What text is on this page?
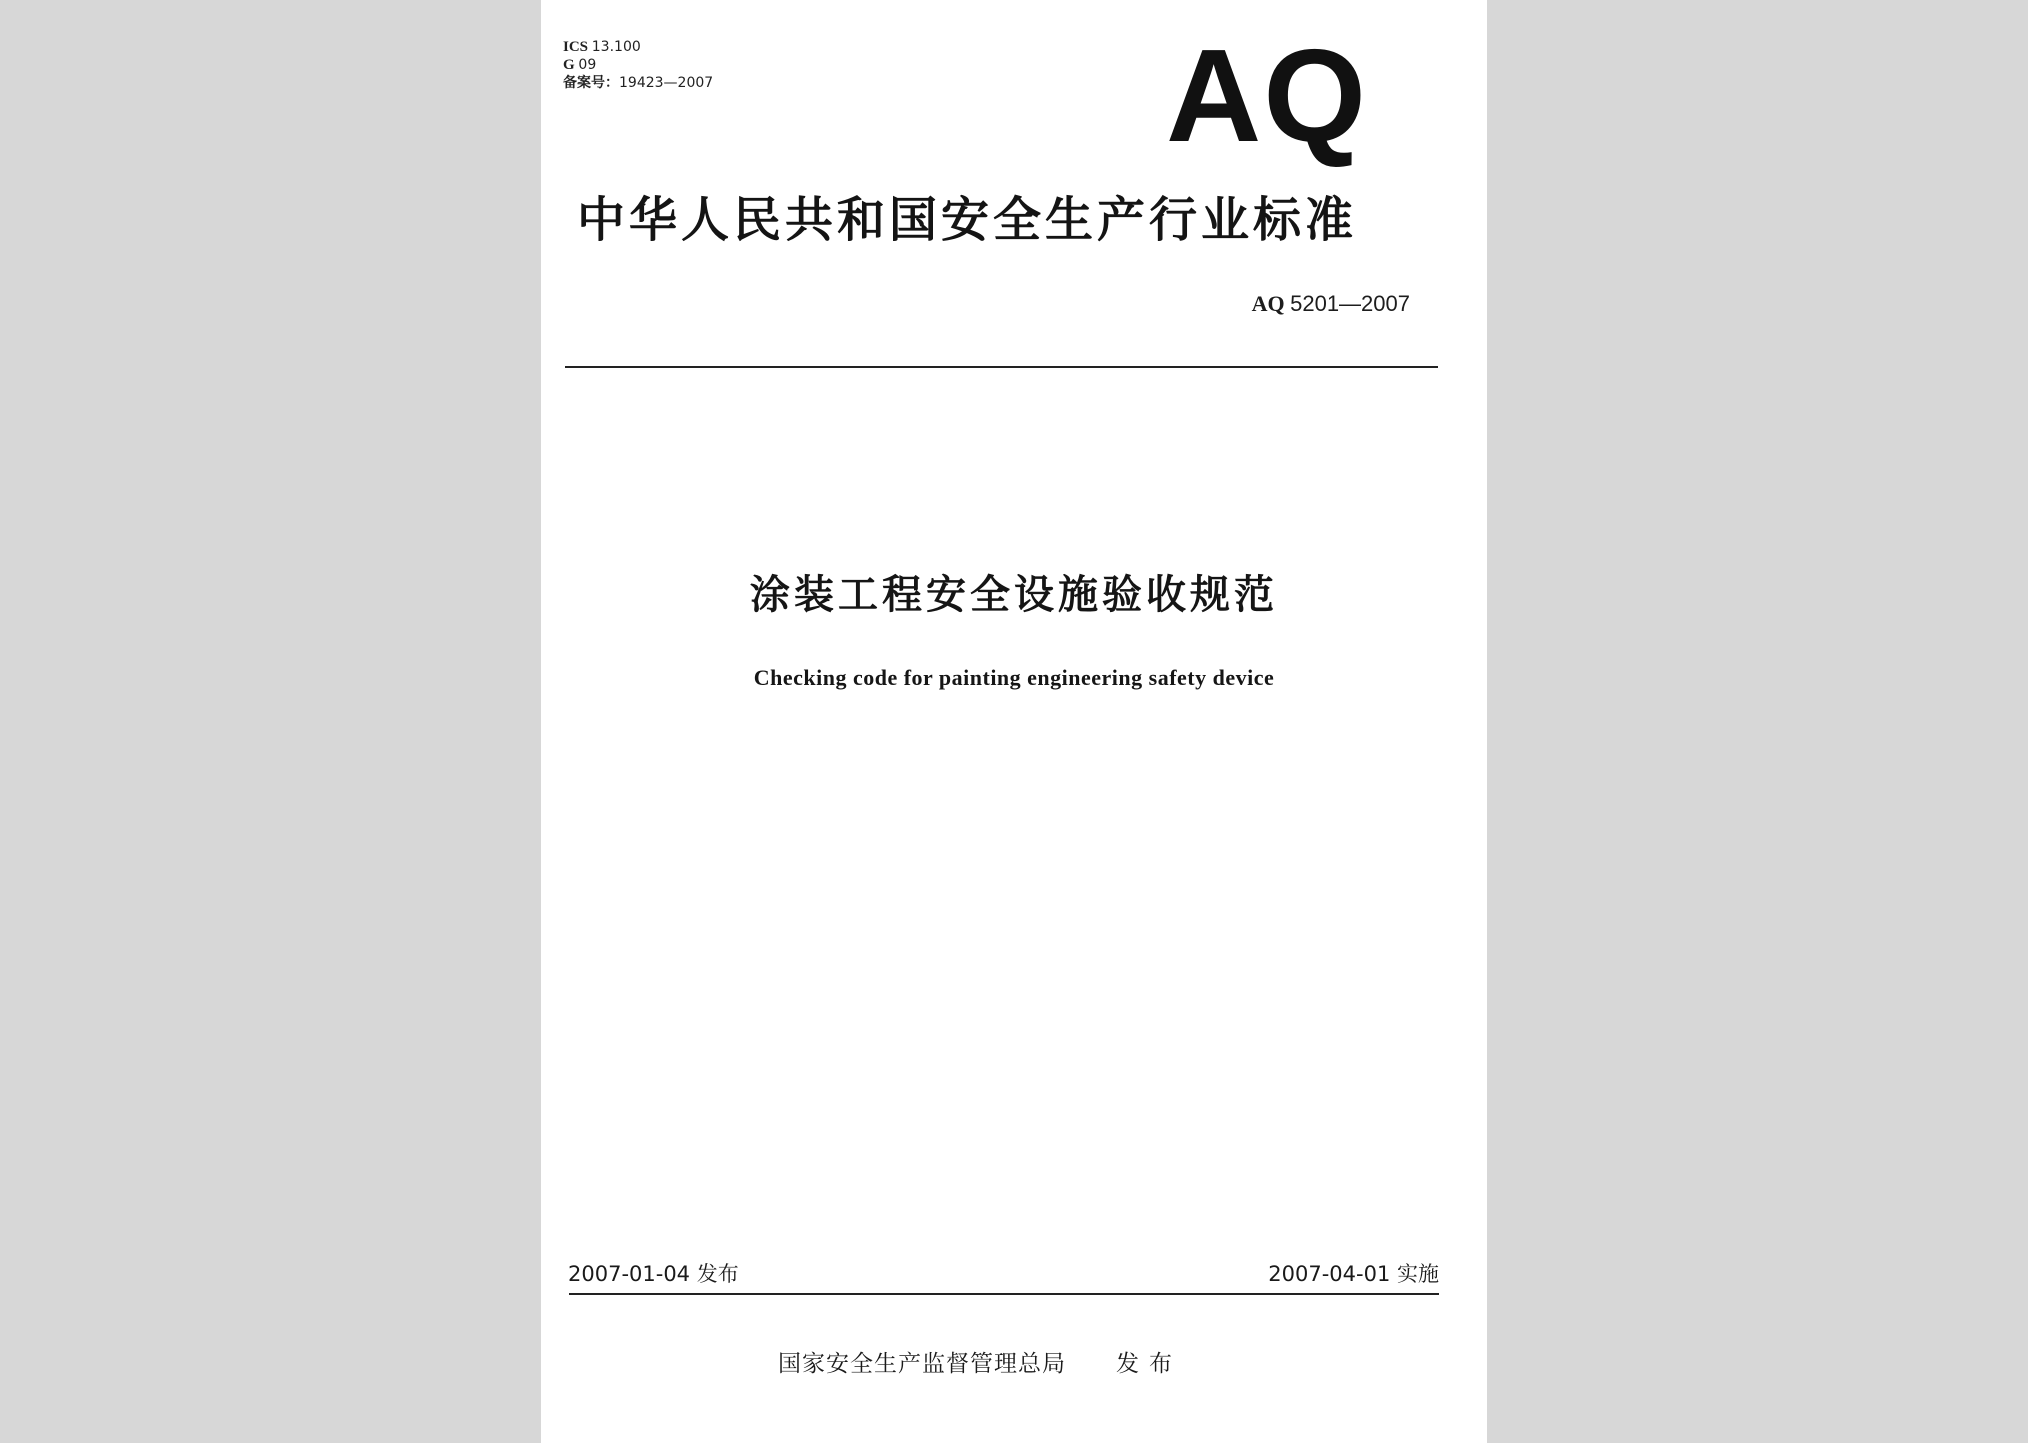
ICS 13.100
G 09
备案号：19423—2007	AQ
中华人民共和国安全生产行业标准
AQ 5201—2007
涂装工程安全设施验收规范
Checking code for painting engineering safety device
2007-01-04 发布	2007-04-01 实施
国家安全生产监督管理总局 发布
